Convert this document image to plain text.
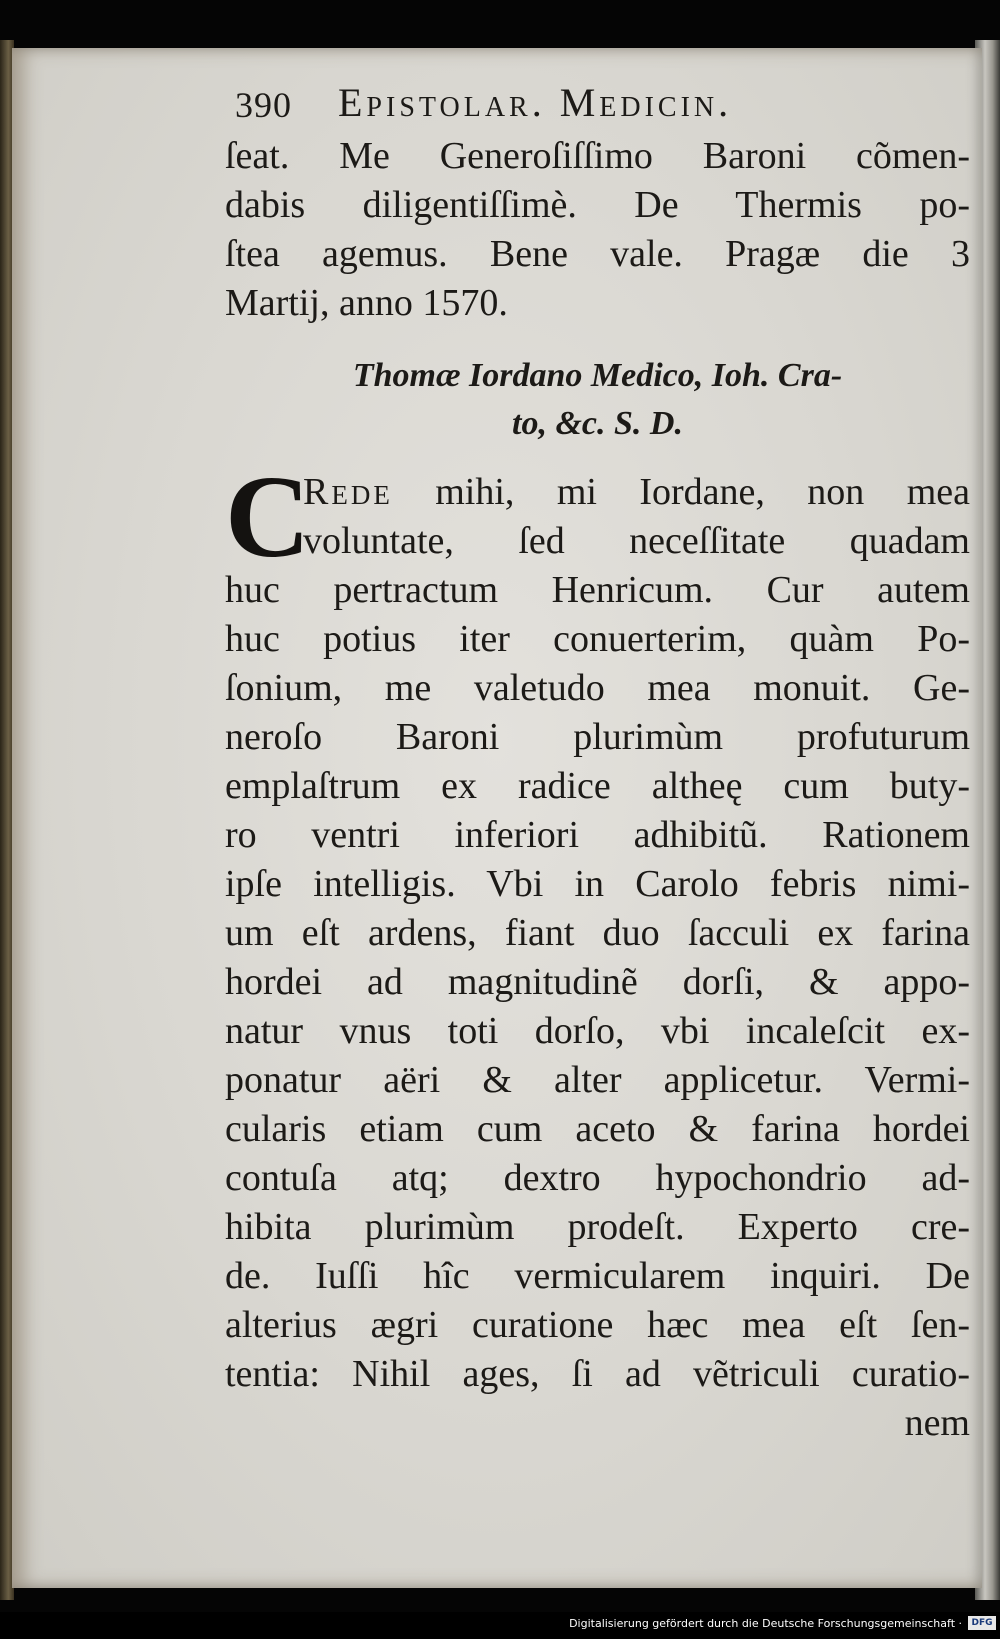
390 Epistolar. Medicin.
ſeat. Me Generoſiſſimo Baroni cõmen-
dabis diligentiſſimè. De Thermis po-
ſtea agemus. Bene vale. Pragæ die 3
Martij, anno 1570.
Thomæ Iordano Medico, Ioh. Cra-
to, &c. S. D.
C
Rede mihi, mi Iordane, non mea
voluntate, ſed neceſſitate quadam
huc pertractum Henricum. Cur autem
huc potius iter conuerterim, quàm Po-
ſonium, me valetudo mea monuit. Ge-
neroſo Baroni plurimùm profuturum
emplaſtrum ex radice altheę cum buty-
ro ventri inferiori adhibitũ. Rationem
ipſe intelligis. Vbi in Carolo febris nimi-
um eſt ardens, fiant duo ſacculi ex farina
hordei ad magnitudinẽ dorſi, & appo-
natur vnus toti dorſo, vbi incaleſcit ex-
ponatur aëri & alter applicetur. Vermi-
cularis etiam cum aceto & farina hordei
contuſa atq; dextro hypochondrio ad-
hibita plurimùm prodeſt. Experto cre-
de. Iuſſi hîc vermicularem inquiri. De
alterius ægri curatione hæc mea eſt ſen-
tentia: Nihil ages, ſi ad vẽtriculi curatio-
nem
Digitalisierung gefördert durch die Deutsche Forschungsgemeinschaft ·	DFG
